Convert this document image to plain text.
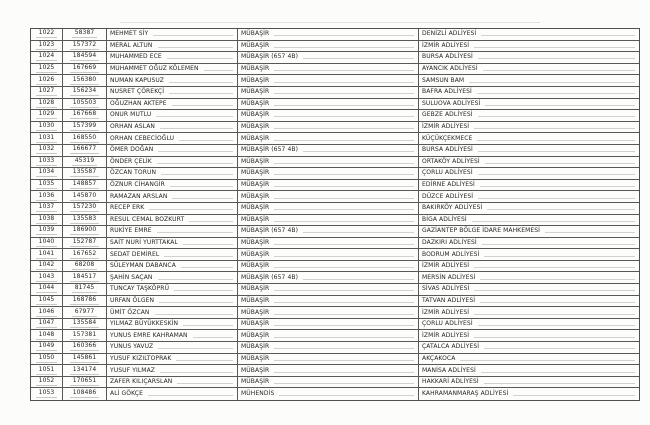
1022	58387	MEHMET SİY	MÜBAŞİR	DENİZLİ ADLİYESİ
1023	157372	MERAL ALTUN	MÜBAŞİR	İZMİR ADLİYESİ
1024	184594	MUHAMMED ECE	MÜBAŞİR (657 4B)	BURSA ADLİYESİ
1025	167669	MUHAMMET OĞUZ KÖLEMEN	MÜBAŞİR	AYANCIK ADLİYESİ
1026	156380	NUMAN KAPUSUZ	MÜBAŞİR	SAMSUN BAM
1027	156234	NUSRET ÇÖREKÇİ	MÜBAŞİR	BAFRA ADLİYESİ
1028	105503	OĞUZHAN AKTEPE	MÜBAŞİR	SULUOVA ADLİYESİ
1029	167668	ONUR MUTLU	MÜBAŞİR	GEBZE ADLİYESİ
1030	157399	ORHAN ASLAN	MÜBAŞİR	İZMİR ADLİYESİ
1031	168550	ORHAN CEBECİOĞLU	MÜBAŞİR	KÜÇÜKÇEKMECE
1032	166677	ÖMER DOĞAN	MÜBAŞİR (657 4B)	BURSA ADLİYESİ
1033	45319	ÖNDER ÇELİK	MÜBAŞİR	ORTAKÖY ADLİYESİ
1034	135587	ÖZCAN TORUN	MÜBAŞİR	ÇORLU ADLİYESİ
1035	148857	ÖZNUR CİHANGİR	MÜBAŞİR	EDİRNE ADLİYESİ
1036	145870	RAMAZAN ARSLAN	MÜBAŞİR	DÜZCE ADLİYESİ
1037	157230	RECEP ERK	MÜBAŞİR	BAKIRKÖY ADLİYESİ
1038	135583	RESUL CEMAL BOZKURT	MÜBAŞİR	BİGA ADLİYESİ
1039	186900	RUKİYE EMRE	MÜBAŞİR (657 4B)	GAZİANTEP BÖLGE İDARE MAHKEMESİ
1040	152787	SAİT NURİ YURTTAKAL	MÜBAŞİR	DAZKIRI ADLİYESİ
1041	167652	SEDAT DEMİREL	MÜBAŞİR	BODRUM ADLİYESİ
1042	68208	SÜLEYMAN DABANCA	MÜBAŞİR	İZMİR ADLİYESİ
1043	184517	ŞAHİN SAÇAN	MÜBAŞİR (657 4B)	MERSİN ADLİYESİ
1044	81745	TUNCAY TAŞKÖPRÜ	MÜBAŞİR	SİVAS ADLİYESİ
1045	168786	URFAN ÖLGEN	MÜBAŞİR	TATVAN ADLİYESİ
1046	67977	ÜMİT ÖZCAN	MÜBAŞİR	İZMİR ADLİYESİ
1047	135584	YILMAZ BÜYÜKKESKİN	MÜBAŞİR	ÇORLU ADLİYESİ
1048	157381	YUNUS EMRE KAHRAMAN	MÜBAŞİR	İZMİR ADLİYESİ
1049	160366	YUNUS YAVUZ	MÜBAŞİR	ÇATALCA ADLİYESİ
1050	145861	YUSUF KIZILTOPRAK	MÜBAŞİR	AKÇAKOCA
1051	134174	YUSUF YILMAZ	MÜBAŞİR	MANİSA ADLİYESİ
1052	170651	ZAFER KILIÇARSLAN	MÜBAŞİR	HAKKARİ ADLİYESİ
1053	108486	ALİ GÖKÇE	MÜHENDİS	KAHRAMANMARAŞ ADLİYESİ
